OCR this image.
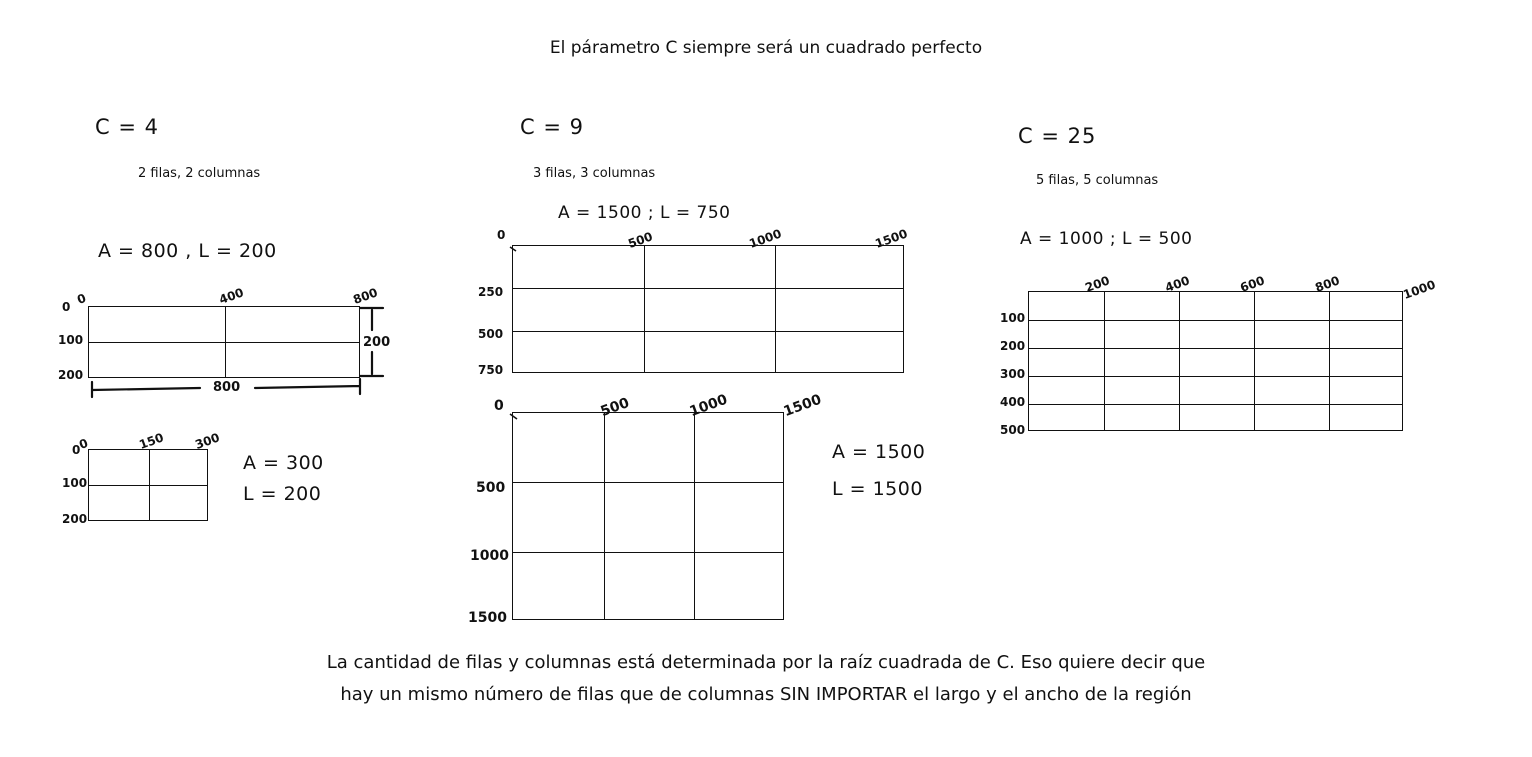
El párametro C siempre será un cuadrado perfecto
C = 4
2 filas, 2 columnas
A = 800 , L = 200
0	400	800
0
100
200
800
200
0	150 300
0
100
200
A = 300
L = 200
C = 9
3 filas, 3 columnas
A = 1500 ; L = 750
0	500	1000	1500
250
500
750
0	500	1000	1500
500
1000
1500
A = 1500
L = 1500
C = 25
5 filas, 5 columnas
A = 1000 ; L = 500
200	400	600	800	1000
100
200
300
400
500
La cantidad de filas y columnas está determinada por la raíz cuadrada de C. Eso quiere decir que
hay un mismo número de filas que de columnas SIN IMPORTAR el largo y el ancho de la región
